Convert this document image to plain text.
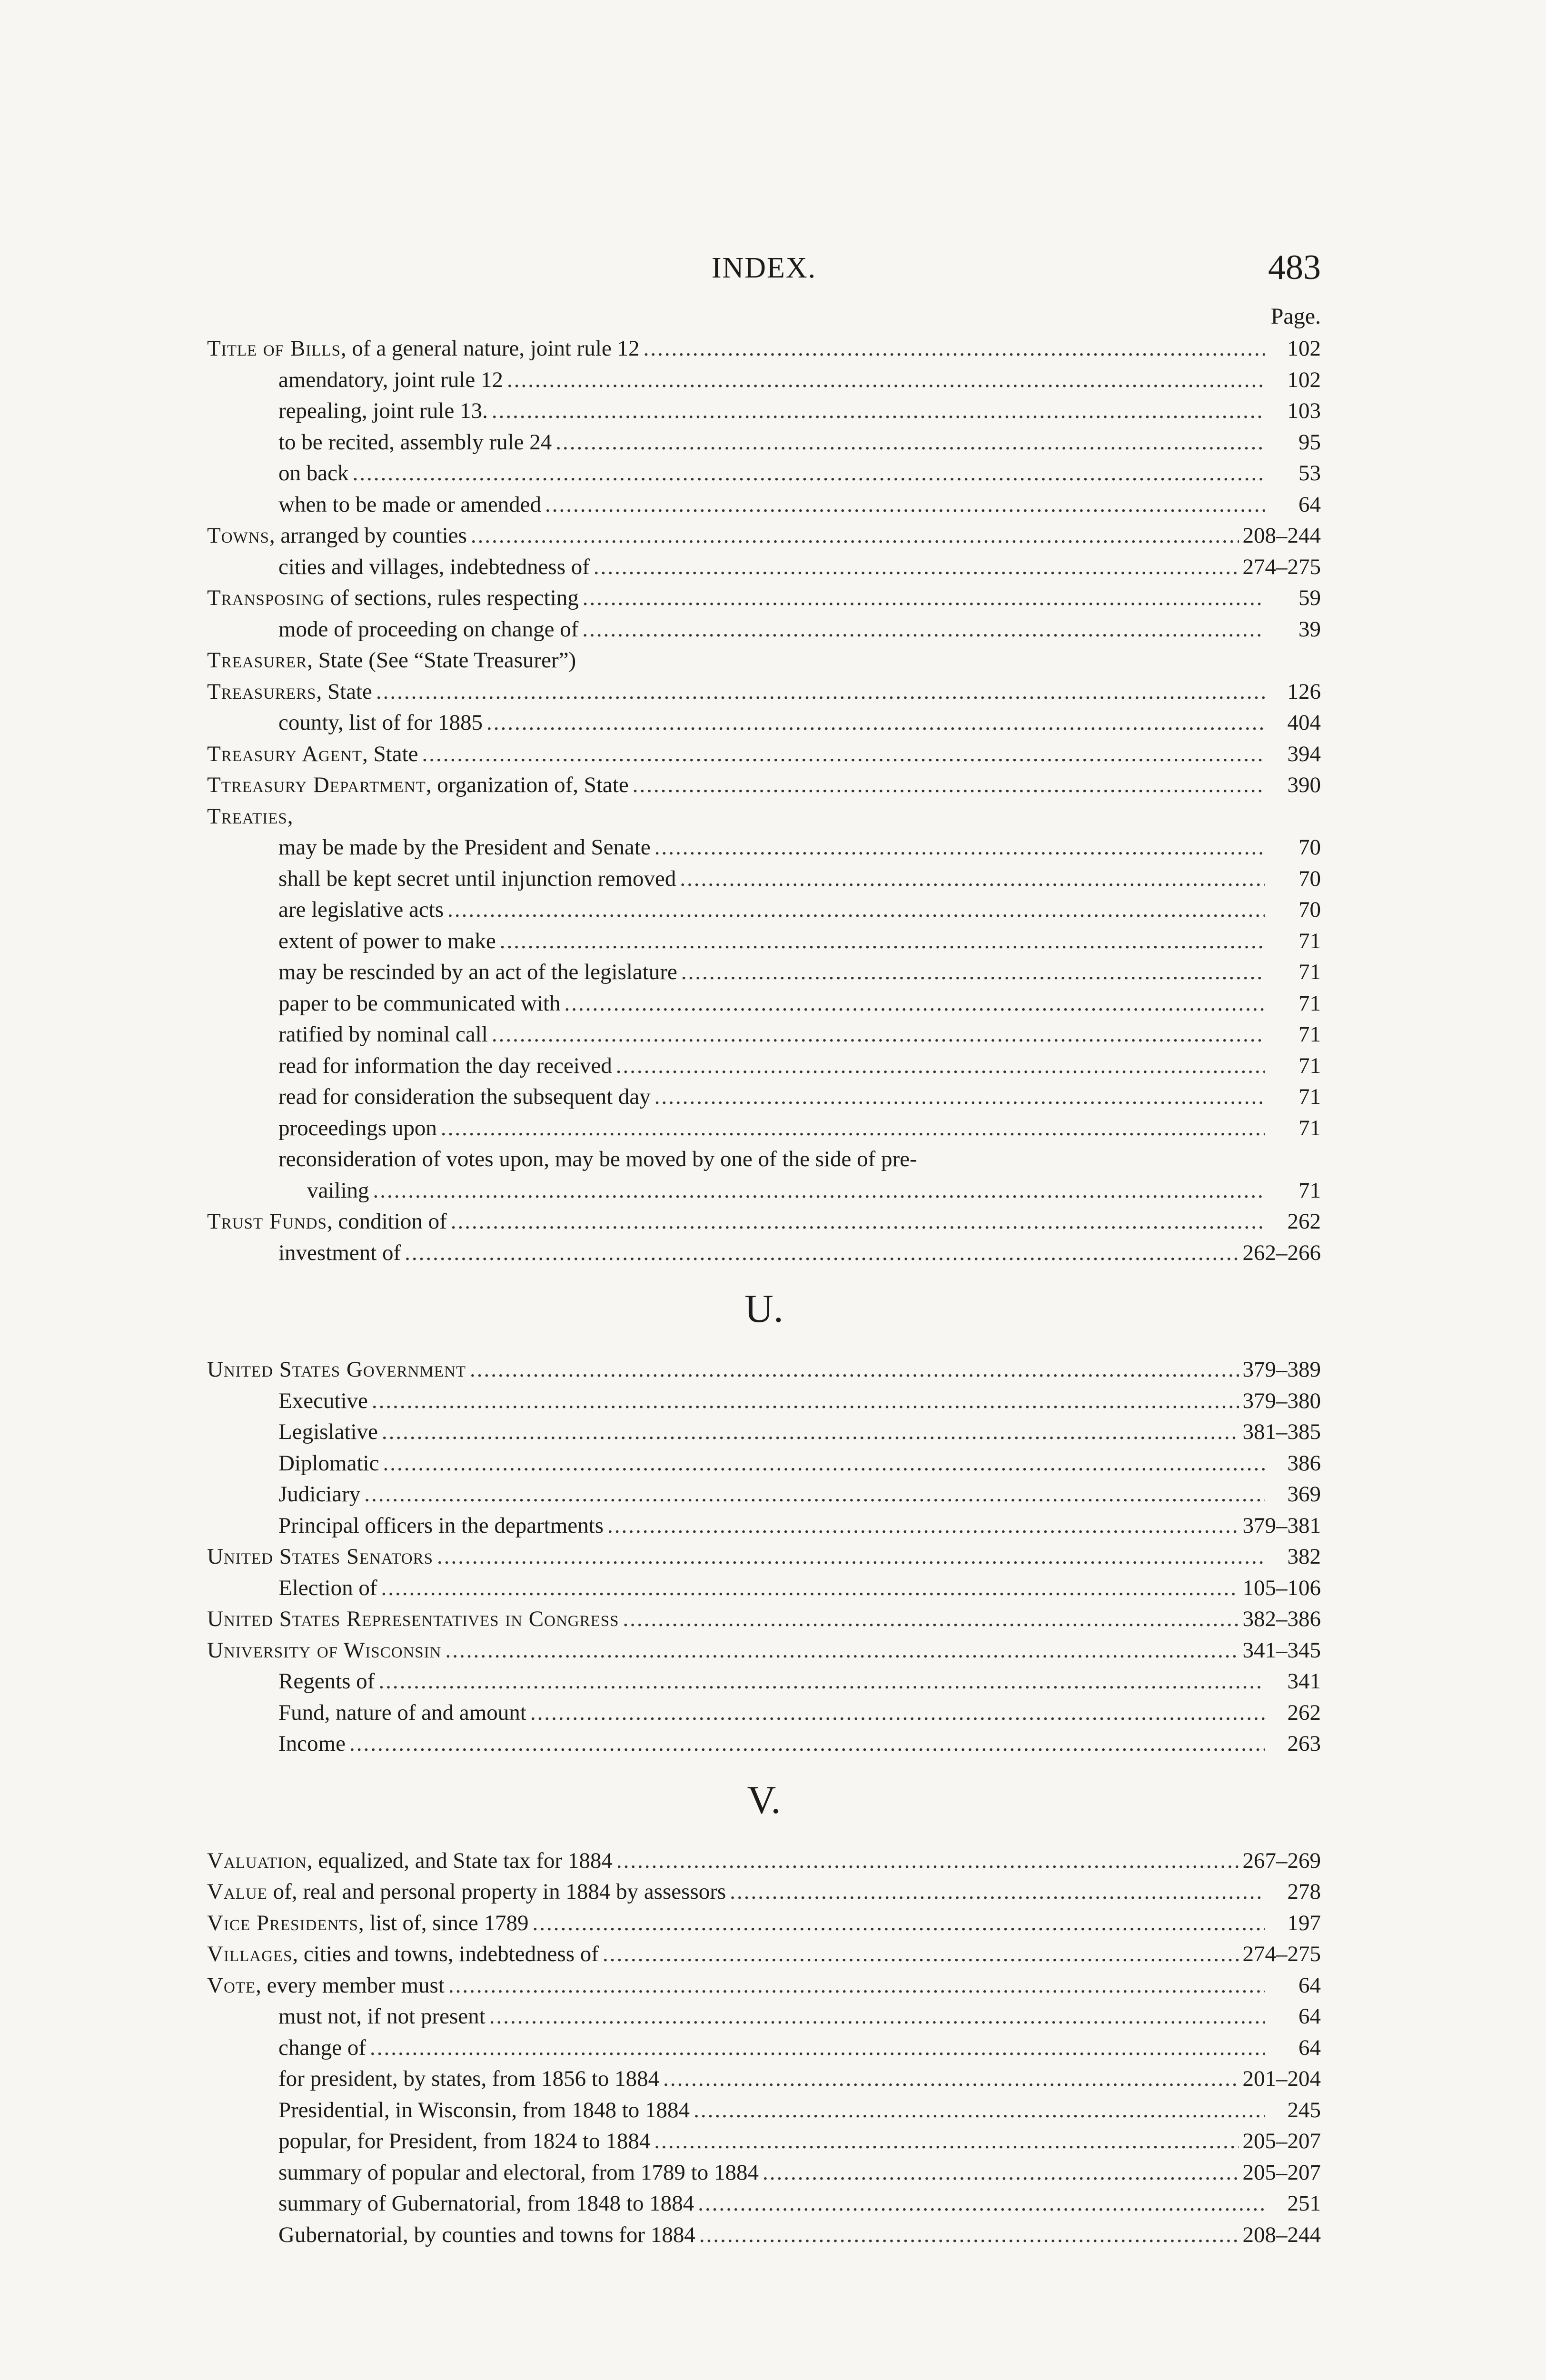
INDEX.	483
Page.
Title of Bills, of a general nature, joint rule 12 .....	102
amendatory, joint rule 12 .....	102
repealing, joint rule 13. .....	103
to be recited, assembly rule 24 .....	95
on back .....	53
when to be made or amended .....	64
Towns, arranged by counties .....	208–244
cities and villages, indebtedness of .....	274–275
Transposing of sections, rules respecting .....	59
mode of proceeding on change of .....	39
Treasurer, State (See “State Treasurer”)
Treasurers, State .....	126
county, list of for 1885 .....	404
Treasury Agent, State .....	394
Ttreasury Department, organization of, State .....	390
Treaties,
may be made by the President and Senate .....	70
shall be kept secret until injunction removed .....	70
are legislative acts .....	70
extent of power to make .....	71
may be rescinded by an act of the legislature .....	71
paper to be communicated with .....	71
ratified by nominal call .....	71
read for information the day received .....	71
read for consideration the subsequent day .....	71
proceedings upon .....	71
reconsideration of votes upon, may be moved by one of the side of pre-
vailing .....	71
Trust Funds, condition of .....	262
investment of .....	262–266
U.
United States Government .....	379–389
Executive .....	379–380
Legislative .....	381–385
Diplomatic .....	386
Judiciary .....	369
Principal officers in the departments .....	379–381
United States Senators .....	382
Election of .....	105–106
United States Representatives in Congress .....	382–386
University of Wisconsin .....	341–345
Regents of .....	341
Fund, nature of and amount .....	262
Income .....	263
V.
Valuation, equalized, and State tax for 1884 .....	267–269
Value of, real and personal property in 1884 by assessors .....	278
Vice Presidents, list of, since 1789 .....	197
Villages, cities and towns, indebtedness of .....	274–275
Vote, every member must .....	64
must not, if not present .....	64
change of .....	64
for president, by states, from 1856 to 1884 .....	201–204
Presidential, in Wisconsin, from 1848 to 1884 .....	245
popular, for President, from 1824 to 1884 .....	205–207
summary of popular and electoral, from 1789 to 1884 .....	205–207
summary of Gubernatorial, from 1848 to 1884 .....	251
Gubernatorial, by counties and towns for 1884 .....	208–244
